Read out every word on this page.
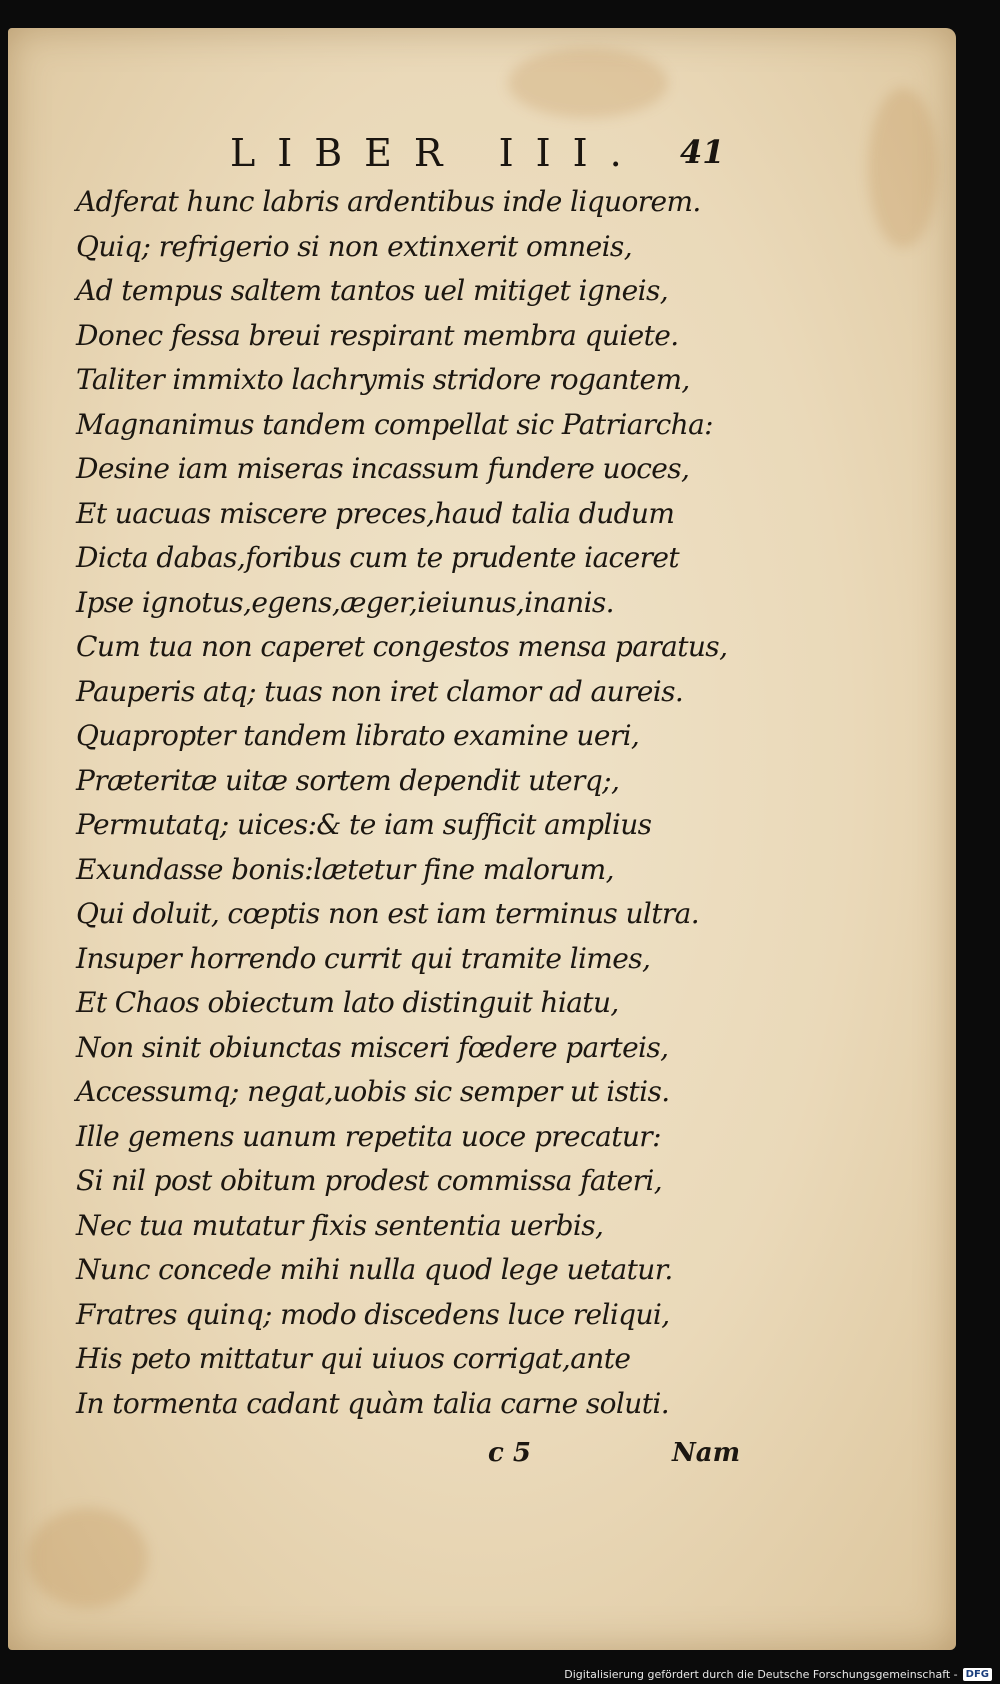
LIBER III. 41
Adferat hunc labris ardentibus inde liquorem.
Quiq; refrigerio si non extinxerit omneis,
Ad tempus saltem tantos uel mitiget igneis,
Donec fessa breui respirant membra quiete.
Taliter immixto lachrymis stridore rogantem,
Magnanimus tandem compellat sic Patriarcha:
Desine iam miseras incassum fundere uoces,
Et uacuas miscere preces,haud talia dudum
Dicta dabas,foribus cum te prudente iaceret
Ipse ignotus,egens,æger,ieiunus,inanis.
Cum tua non caperet congestos mensa paratus,
Pauperis atq; tuas non iret clamor ad aureis.
Quapropter tandem librato examine ueri,
Præteritæ uitæ sortem dependit uterq;,
Permutatq; uices:& te iam sufficit amplius
Exundasse bonis:lætetur fine malorum,
Qui doluit, cœptis non est iam terminus ultra.
Insuper horrendo currit qui tramite limes,
Et Chaos obiectum lato distinguit hiatu,
Non sinit obiunctas misceri fœdere parteis,
Accessumq; negat,uobis sic semper ut istis.
Ille gemens uanum repetita uoce precatur:
Si nil post obitum prodest commissa fateri,
Nec tua mutatur fixis sententia uerbis,
Nunc concede mihi nulla quod lege uetatur.
Fratres quinq; modo discedens luce reliqui,
His peto mittatur qui uiuos corrigat,ante
In tormenta cadant quàm talia carne soluti.
c 5	Nam
Digitalisierung gefördert durch die Deutsche Forschungsgemeinschaft - DFG
